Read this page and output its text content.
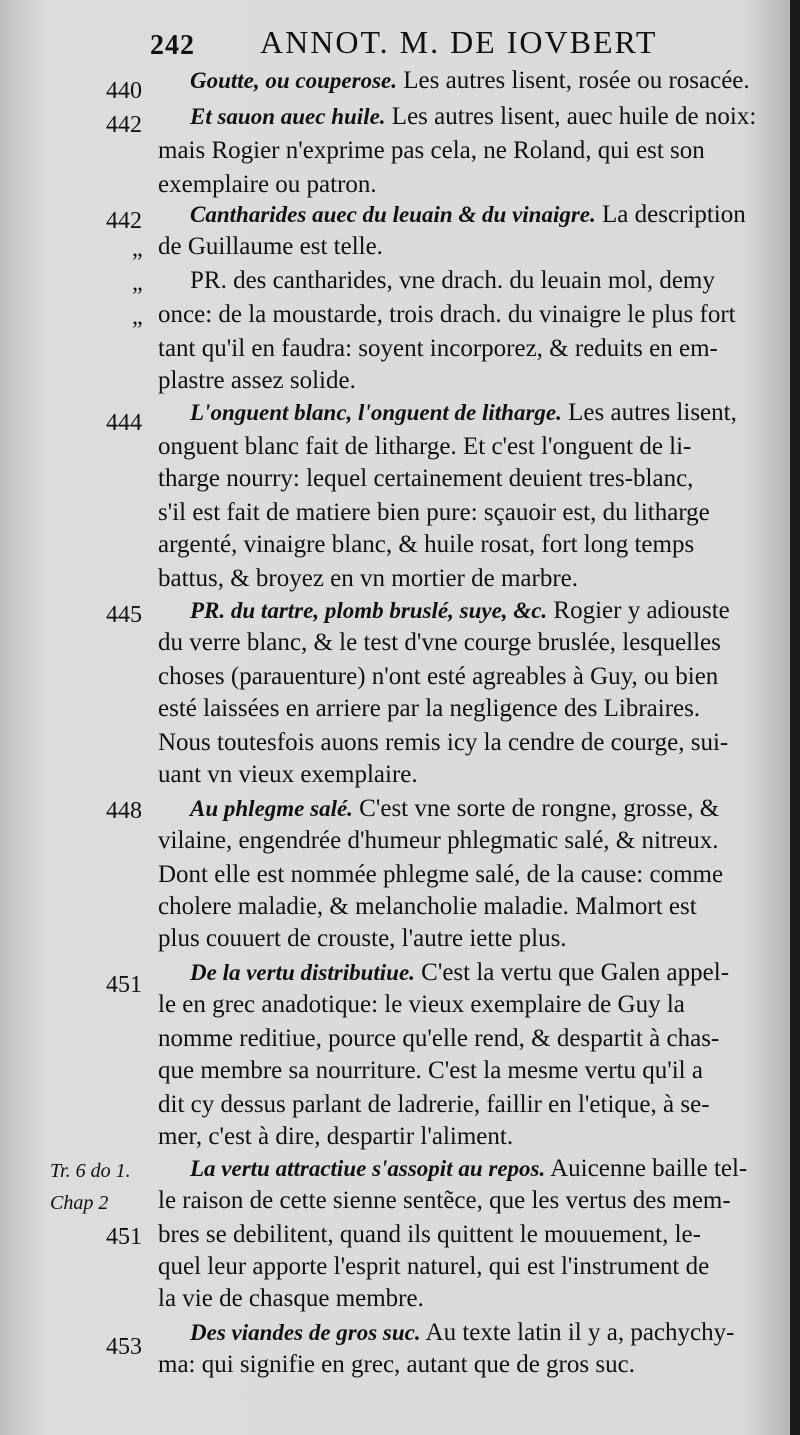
242 ANNOT. M. DE IOVBERT
440	Goutte, ou couperose. Les autres lisent, rosée ou rosacée.
442	Et sauon auec huile. Les autres lisent, auec huile de noix:
mais Rogier n'exprime pas cela, ne Roland, qui est son
exemplaire ou patron.
442	Cantharides auec du leuain & du vinaigre. La description
„ de Guillaume est telle.
„	PR. des cantharides, vne drach. du leuain mol, demy
„ once: de la moustarde, trois drach. du vinaigre le plus fort
tant qu'il en faudra: soyent incorporez, & reduits en em-
plastre assez solide.
444	L'onguent blanc, l'onguent de litharge. Les autres lisent,
onguent blanc fait de litharge. Et c'est l'onguent de li-
tharge nourry: lequel certainement deuient tres-blanc,
s'il est fait de matiere bien pure: sçauoir est, du litharge
argenté, vinaigre blanc, & huile rosat, fort long temps
battus, & broyez en vn mortier de marbre.
445	PR. du tartre, plomb bruslé, suye, &c. Rogier y adiouste
du verre blanc, & le test d'vne courge bruslée, lesquelles
choses (parauenture) n'ont esté agreables à Guy, ou bien
esté laissées en arriere par la negligence des Libraires.
Nous toutesfois auons remis icy la cendre de courge, sui-
uant vn vieux exemplaire.
448	Au phlegme salé. C'est vne sorte de rongne, grosse, &
vilaine, engendrée d'humeur phlegmatic salé, & nitreux.
Dont elle est nommée phlegme salé, de la cause: comme
cholere maladie, & melancholie maladie. Malmort est
plus couuert de crouste, l'autre iette plus.
451	De la vertu distributiue. C'est la vertu que Galen appel-
le en grec anadotique: le vieux exemplaire de Guy la
nomme reditiue, pource qu'elle rend, & despartit à chas-
que membre sa nourriture. C'est la mesme vertu qu'il a
dit cy dessus parlant de ladrerie, faillir en l'etique, à se-
mer, c'est à dire, despartir l'aliment.
Tr. 6 do 1.
Chap 2
451
La vertu attractiue s'assopit au repos. Auicenne baille tel-
le raison de cette sienne sentẽce, que les vertus des mem-
bres se debilitent, quand ils quittent le mouuement, le-
quel leur apporte l'esprit naturel, qui est l'instrument de
la vie de chasque membre.
453
Des viandes de gros suc. Au texte latin il y a, pachychy-
ma: qui signifie en grec, autant que de gros suc.
